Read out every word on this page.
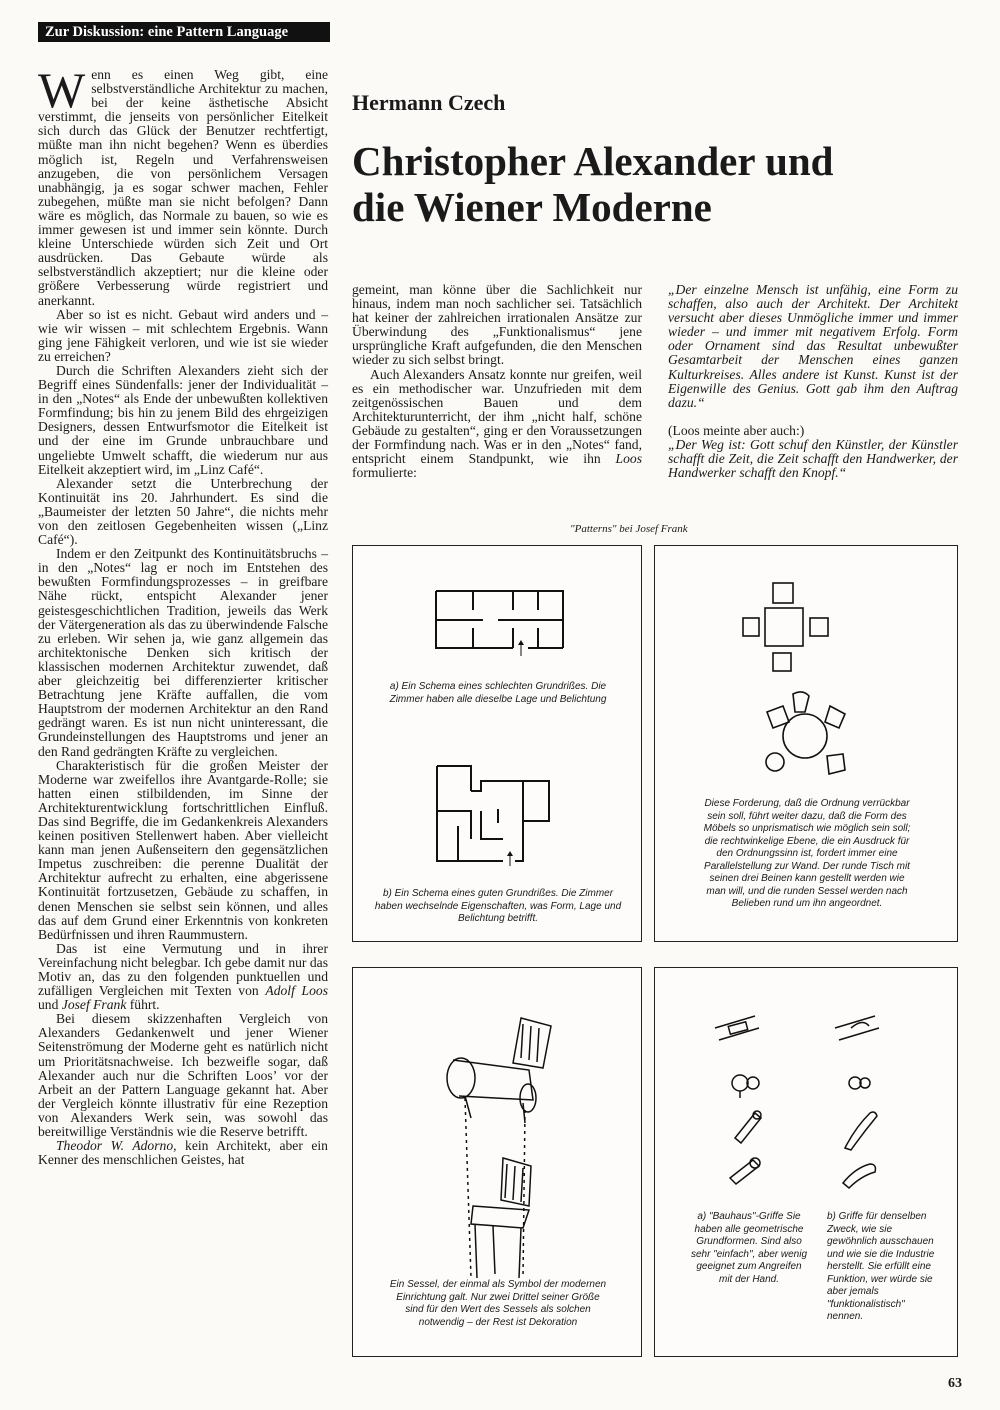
Zur Diskussion: eine Pattern Language

Wenn es einen Weg gibt, eine selbstverständliche Architektur zu machen, bei der keine ästhetische Absicht verstimmt, die jenseits von persönlicher Eitelkeit sich durch das Glück der Benutzer rechtfertigt, müßte man ihn nicht begehen? Wenn es überdies möglich ist, Regeln und Verfahrensweisen anzugeben, die von persönlichem Versagen unabhängig, ja es sogar schwer machen, Fehler zubegehen, müßte man sie nicht befolgen? Dann wäre es möglich, das Normale zu bauen, so wie es immer gewesen ist und immer sein könnte. Durch kleine Unterschiede würden sich Zeit und Ort ausdrücken. Das Gebaute würde als selbstverständlich akzeptiert; nur die kleine oder größere Verbesserung würde registriert und anerkannt.

Aber so ist es nicht. Gebaut wird anders und – wie wir wissen – mit schlechtem Ergebnis. Wann ging jene Fähigkeit verloren, und wie ist sie wieder zu erreichen?

Durch die Schriften Alexanders zieht sich der Begriff eines Sündenfalls: jener der Individualität – in den „Notes“ als Ende der unbewußten kollektiven Formfindung; bis hin zu jenem Bild des ehrgeizigen Designers, dessen Entwurfsmotor die Eitelkeit ist und der eine im Grunde unbrauchbare und ungeliebte Umwelt schafft, die wiederum nur aus Eitelkeit akzeptiert wird, im „Linz Café“.

Alexander setzt die Unterbrechung der Kontinuität ins 20. Jahrhundert. Es sind die „Baumeister der letzten 50 Jahre“, die nichts mehr von den zeitlosen Gegebenheiten wissen („Linz Café“).

Indem er den Zeitpunkt des Kontinuitätsbruchs – in den „Notes“ lag er noch im Entstehen des bewußten Formfindungsprozesses – in greifbare Nähe rückt, entspicht Alexander jener geistesgeschichtlichen Tradition, jeweils das Werk der Vätergeneration als das zu überwindende Falsche zu erleben. Wir sehen ja, wie ganz allgemein das architektonische Denken sich kritisch der klassischen modernen Architektur zuwendet, daß aber gleichzeitig bei differenzierter kritischer Betrachtung jene Kräfte auffallen, die vom Hauptstrom der modernen Architektur an den Rand gedrängt waren. Es ist nun nicht uninteressant, die Grundeinstellungen des Hauptstroms und jener an den Rand gedrängten Kräfte zu vergleichen.

Charakteristisch für die großen Meister der Moderne war zweifellos ihre Avantgarde-Rolle; sie hatten einen stilbildenden, im Sinne der Architekturentwicklung fortschrittlichen Einfluß. Das sind Begriffe, die im Gedankenkreis Alexanders keinen positiven Stellenwert haben. Aber vielleicht kann man jenen Außenseitern den gegensätzlichen Impetus zuschreiben: die perenne Dualität der Architektur aufrecht zu erhalten, eine abgerissene Kontinuität fortzusetzen, Gebäude zu schaffen, in denen Menschen sie selbst sein können, und alles das auf dem Grund einer Erkenntnis von konkreten Bedürfnissen und ihren Raummustern.

Das ist eine Vermutung und in ihrer Vereinfachung nicht belegbar. Ich gebe damit nur das Motiv an, das zu den folgenden punktuellen und zufälligen Vergleichen mit Texten von Adolf Loos und Josef Frank führt.

Bei diesem skizzenhaften Vergleich von Alexanders Gedankenwelt und jener Wiener Seitenströmung der Moderne geht es natürlich nicht um Prioritätsnachweise. Ich bezweifle sogar, daß Alexander auch nur die Schriften Loos’ vor der Arbeit an der Pattern Language gekannt hat. Aber der Vergleich könnte illustrativ für eine Rezeption von Alexanders Werk sein, was sowohl das bereitwillige Verständnis wie die Reserve betrifft.

Theodor W. Adorno, kein Architekt, aber ein Kenner des menschlichen Geistes, hat

Hermann Czech
Christopher Alexander und
die Wiener Moderne

gemeint, man könne über die Sachlichkeit nur hinaus, indem man noch sachlicher sei. Tatsächlich hat keiner der zahlreichen irrationalen Ansätze zur Überwindung des „Funktionalismus“ jene ursprüngliche Kraft aufgefunden, die den Menschen wieder zu sich selbst bringt.

Auch Alexanders Ansatz konnte nur greifen, weil es ein methodischer war. Unzufrieden mit dem zeitgenössischen Bauen und dem Architekturunterricht, der ihm „nicht half, schöne Gebäude zu gestalten“, ging er den Voraussetzungen der Formfindung nach. Was er in den „Notes“ fand, entspricht einem Standpunkt, wie ihn Loos formulierte:

„Der einzelne Mensch ist unfähig, eine Form zu schaffen, also auch der Architekt. Der Architekt versucht aber dieses Unmögliche immer und immer wieder – und immer mit negativem Erfolg. Form oder Ornament sind das Resultat unbewußter Gesamtarbeit der Menschen eines ganzen Kulturkreises. Alles andere ist Kunst. Kunst ist der Eigenwille des Genius. Gott gab ihm den Auftrag dazu.“

(Loos meinte aber auch:)

„Der Weg ist: Gott schuf den Künstler, der Künstler schafft die Zeit, die Zeit schafft den Handwerker, der Handwerker schafft den Knopf.“

"Patterns" bei Josef Frank
a) Ein Schema eines schlechten Grundrißes. Die Zimmer haben alle dieselbe Lage und Belichtung
b) Ein Schema eines guten Grundrißes. Die Zimmer haben wechselnde Eigenschaften, was Form, Lage und Belichtung betrifft.
Diese Forderung, daß die Ordnung verrückbar sein soll, führt weiter dazu, daß die Form des Möbels so unprismatisch wie möglich sein soll; die rechtwinkelige Ebene, die ein Ausdruck für den Ordnungssinn ist, fordert immer eine Parallelstellung zur Wand. Der runde Tisch mit seinen drei Beinen kann gestellt werden wie man will, und die runden Sessel werden nach Belieben rund um ihn angeordnet.
Ein Sessel, der einmal als Symbol der modernen Einrichtung galt. Nur zwei Drittel seiner Größe sind für den Wert des Sessels als solchen notwendig – der Rest ist Dekoration
a) "Bauhaus"-Griffe Sie haben alle geometrische Grundformen. Sind also sehr "einfach", aber wenig geeignet zum Angreifen mit der Hand.
b) Griffe für denselben Zweck, wie sie gewöhnlich ausschauen und wie sie die Industrie herstellt. Sie erfüllt eine Funktion, wer würde sie aber jemals "funktionalistisch" nennen.
63
